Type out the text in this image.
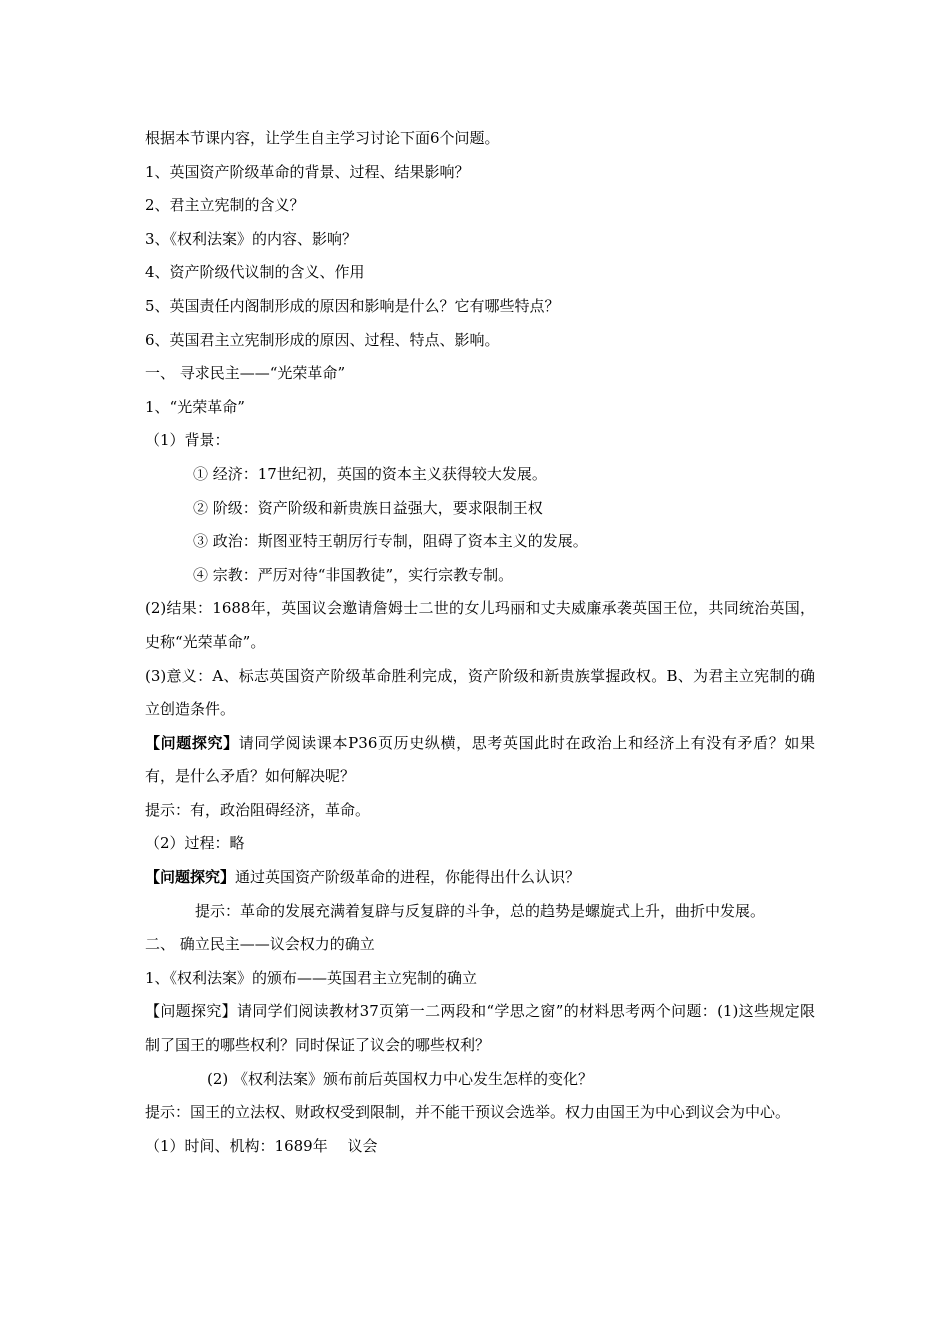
根据本节课内容，让学生自主学习讨论下面6个问题。
1、英国资产阶级革命的背景、过程、结果影响？
2、君主立宪制的含义？
3、《权利法案》的内容、影响？
4、资产阶级代议制的含义、作用
5、英国责任内阁制形成的原因和影响是什么？它有哪些特点？
6、英国君主立宪制形成的原因、过程、特点、影响。
一、 寻求民主——“光荣革命”
1、“光荣革命”
（1）背景：
① 经济：17世纪初，英国的资本主义获得较大发展。
② 阶级：资产阶级和新贵族日益强大，要求限制王权
③ 政治：斯图亚特王朝厉行专制，阻碍了资本主义的发展。
④ 宗教：严厉对待“非国教徒”，实行宗教专制。
(2)结果：1688年，英国议会邀请詹姆士二世的女儿玛丽和丈夫威廉承袭英国王位，共同统治英国，史称“光荣革命”。
(3)意义：A、标志英国资产阶级革命胜利完成，资产阶级和新贵族掌握政权。B、为君主立宪制的确立创造条件。
【问题探究】请同学阅读课本P36页历史纵横，思考英国此时在政治上和经济上有没有矛盾？如果有，是什么矛盾？如何解决呢？
提示：有，政治阻碍经济，革命。
（2）过程：略
【问题探究】通过英国资产阶级革命的进程，你能得出什么认识？
提示：革命的发展充满着复辟与反复辟的斗争，总的趋势是螺旋式上升，曲折中发展。
二、 确立民主——议会权力的确立
1、《权利法案》的颁布——英国君主立宪制的确立
【问题探究】请同学们阅读教材37页第一二两段和“学思之窗”的材料思考两个问题：(1)这些规定限制了国王的哪些权利？同时保证了议会的哪些权利？
(2) 《权利法案》颁布前后英国权力中心发生怎样的变化？
提示：国王的立法权、财政权受到限制，并不能干预议会选举。权力由国王为中心到议会为中心。
（1）时间、机构：1689年　 议会
